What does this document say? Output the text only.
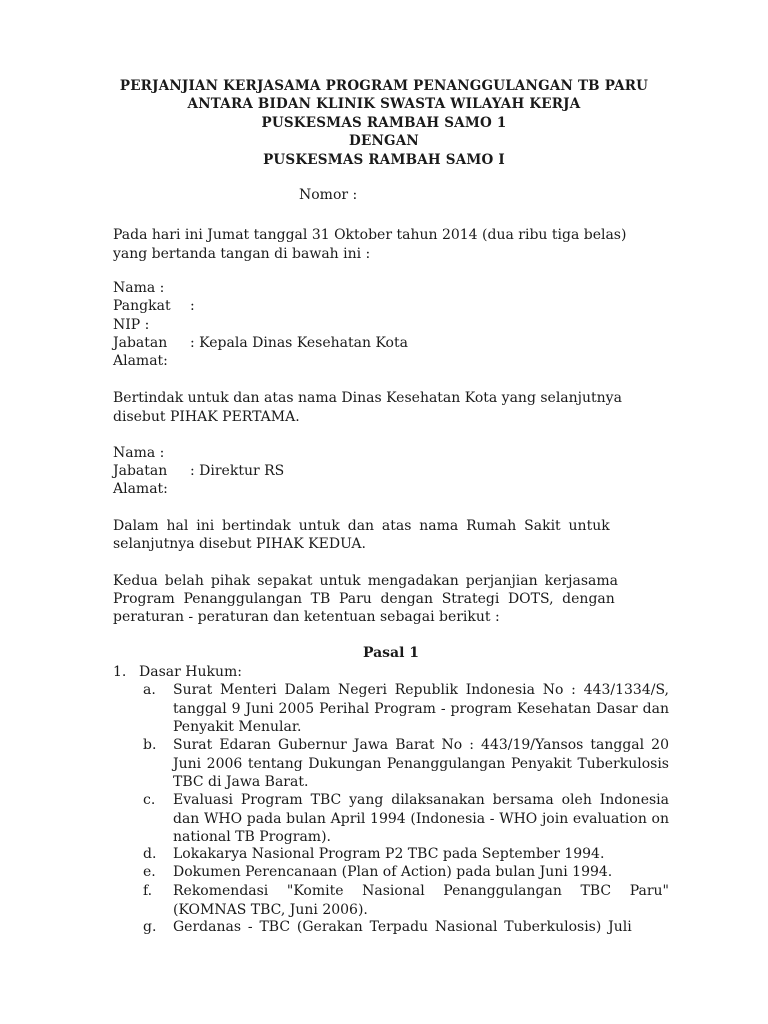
PERJANJIAN KERJASAMA PROGRAM PENANGGULANGAN TB PARU
ANTARA BIDAN KLINIK SWASTA WILAYAH KERJA
PUSKESMAS RAMBAH SAMO 1
DENGAN
PUSKESMAS RAMBAH SAMO I
Nomor :
Pada hari ini Jumat tanggal 31 Oktober tahun 2014 (dua ribu tiga belas)
yang bertanda tangan di bawah ini :
Nama :
Pangkat :
NIP :
Jabatan : Kepala Dinas Kesehatan Kota
Alamat:
Bertindak untuk dan atas nama Dinas Kesehatan Kota yang selanjutnya
disebut PIHAK PERTAMA.
Nama :
Jabatan : Direktur RS
Alamat:
Dalam hal ini bertindak untuk dan atas nama Rumah Sakit untuk
selanjutnya disebut PIHAK KEDUA.
Kedua belah pihak sepakat untuk mengadakan perjanjian kerjasama
Program Penanggulangan TB Paru dengan Strategi DOTS, dengan
peraturan - peraturan dan ketentuan sebagai berikut :
Pasal 1
1. Dasar Hukum:
a. Surat Menteri Dalam Negeri Republik Indonesia No : 443/1334/S, tanggal 9 Juni 2005 Perihal Program - program Kesehatan Dasar dan Penyakit Menular.
b. Surat Edaran Gubernur Jawa Barat No : 443/19/Yansos tanggal 20 Juni 2006 tentang Dukungan Penanggulangan Penyakit Tuberkulosis TBC di Jawa Barat.
c. Evaluasi Program TBC yang dilaksanakan bersama oleh Indonesia dan WHO pada bulan April 1994 (Indonesia - WHO join evaluation on national TB Program).
d. Lokakarya Nasional Program P2 TBC pada September 1994.
e. Dokumen Perencanaan (Plan of Action) pada bulan Juni 1994.
f. Rekomendasi "Komite Nasional Penanggulangan TBC Paru" (KOMNAS TBC, Juni 2006).
g. Gerdanas - TBC (Gerakan Terpadu Nasional Tuberkulosis) Juli
